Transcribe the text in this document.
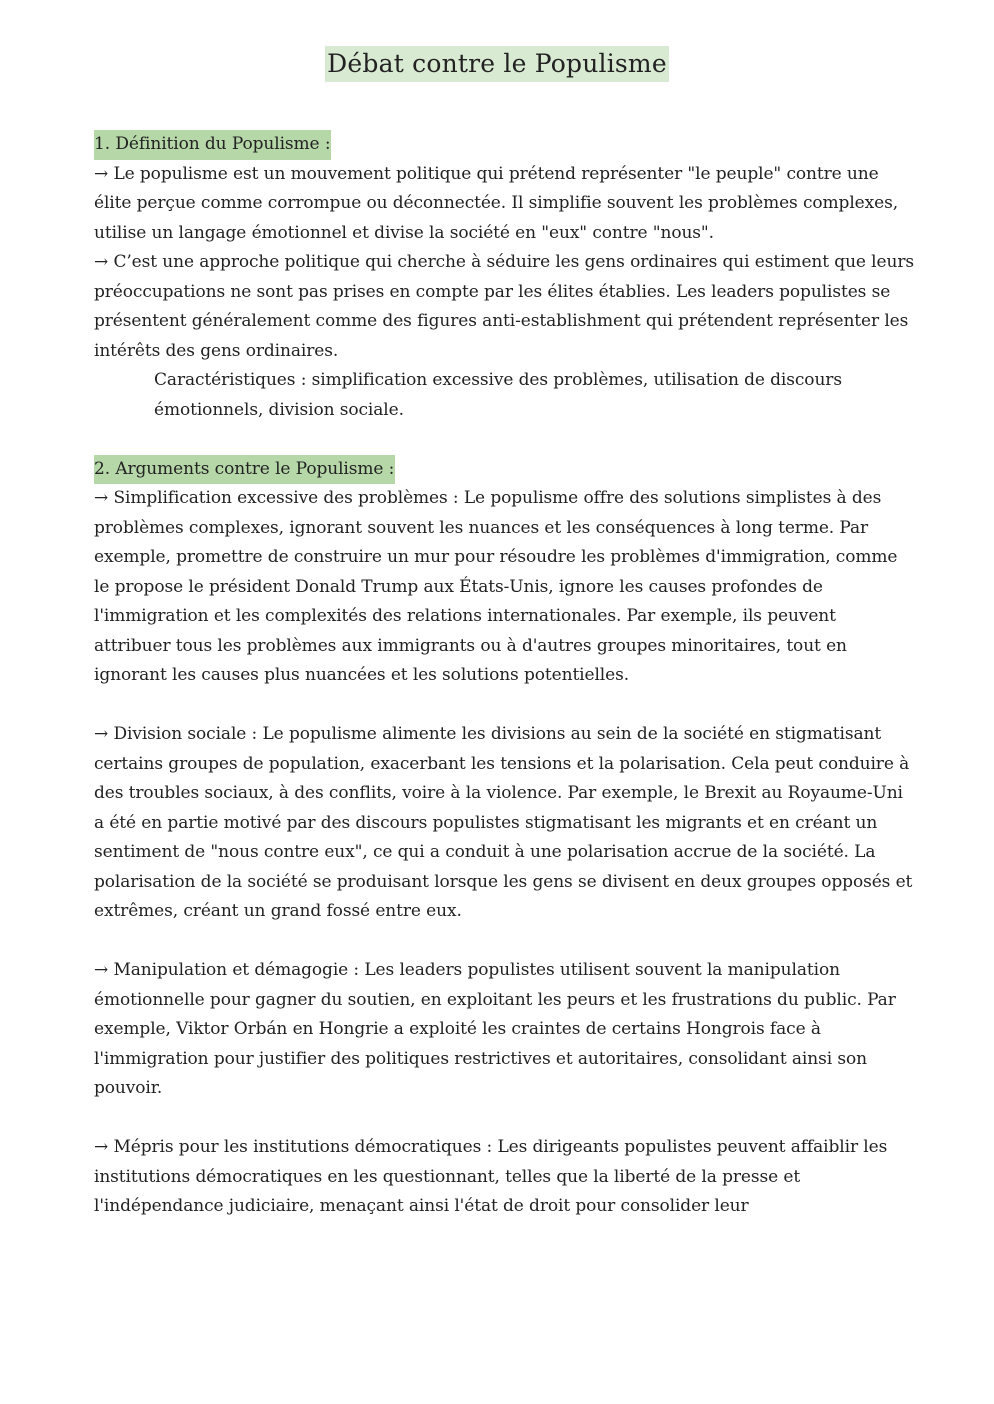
Débat contre le Populisme

1. Définition du Populisme :

→ Le populisme est un mouvement politique qui prétend représenter "le peuple" contre une élite perçue comme corrompue ou déconnectée. Il simplifie souvent les problèmes complexes, utilise un langage émotionnel et divise la société en "eux" contre "nous".

→ C’est une approche politique qui cherche à séduire les gens ordinaires qui estiment que leurs préoccupations ne sont pas prises en compte par les élites établies. Les leaders populistes se présentent généralement comme des figures anti-establishment qui prétendent représenter les intérêts des gens ordinaires.

Caractéristiques : simplification excessive des problèmes, utilisation de discours émotionnels, division sociale.

2. Arguments contre le Populisme :

→ Simplification excessive des problèmes : Le populisme offre des solutions simplistes à des problèmes complexes, ignorant souvent les nuances et les conséquences à long terme. Par exemple, promettre de construire un mur pour résoudre les problèmes d'immigration, comme le propose le président Donald Trump aux États-Unis, ignore les causes profondes de l'immigration et les complexités des relations internationales. Par exemple, ils peuvent attribuer tous les problèmes aux immigrants ou à d'autres groupes minoritaires, tout en ignorant les causes plus nuancées et les solutions potentielles.

→ Division sociale : Le populisme alimente les divisions au sein de la société en stigmatisant certains groupes de population, exacerbant les tensions et la polarisation. Cela peut conduire à des troubles sociaux, à des conflits, voire à la violence. Par exemple, le Brexit au Royaume-Uni a été en partie motivé par des discours populistes stigmatisant les migrants et en créant un sentiment de "nous contre eux", ce qui a conduit à une polarisation accrue de la société. La polarisation de la société se produisant lorsque les gens se divisent en deux groupes opposés et extrêmes, créant un grand fossé entre eux.

→ Manipulation et démagogie : Les leaders populistes utilisent souvent la manipulation émotionnelle pour gagner du soutien, en exploitant les peurs et les frustrations du public. Par exemple, Viktor Orbán en Hongrie a exploité les craintes de certains Hongrois face à l'immigration pour justifier des politiques restrictives et autoritaires, consolidant ainsi son pouvoir.

→ Mépris pour les institutions démocratiques : Les dirigeants populistes peuvent affaiblir les institutions démocratiques en les questionnant, telles que la liberté de la presse et l'indépendance judiciaire, menaçant ainsi l'état de droit pour consolider leur
